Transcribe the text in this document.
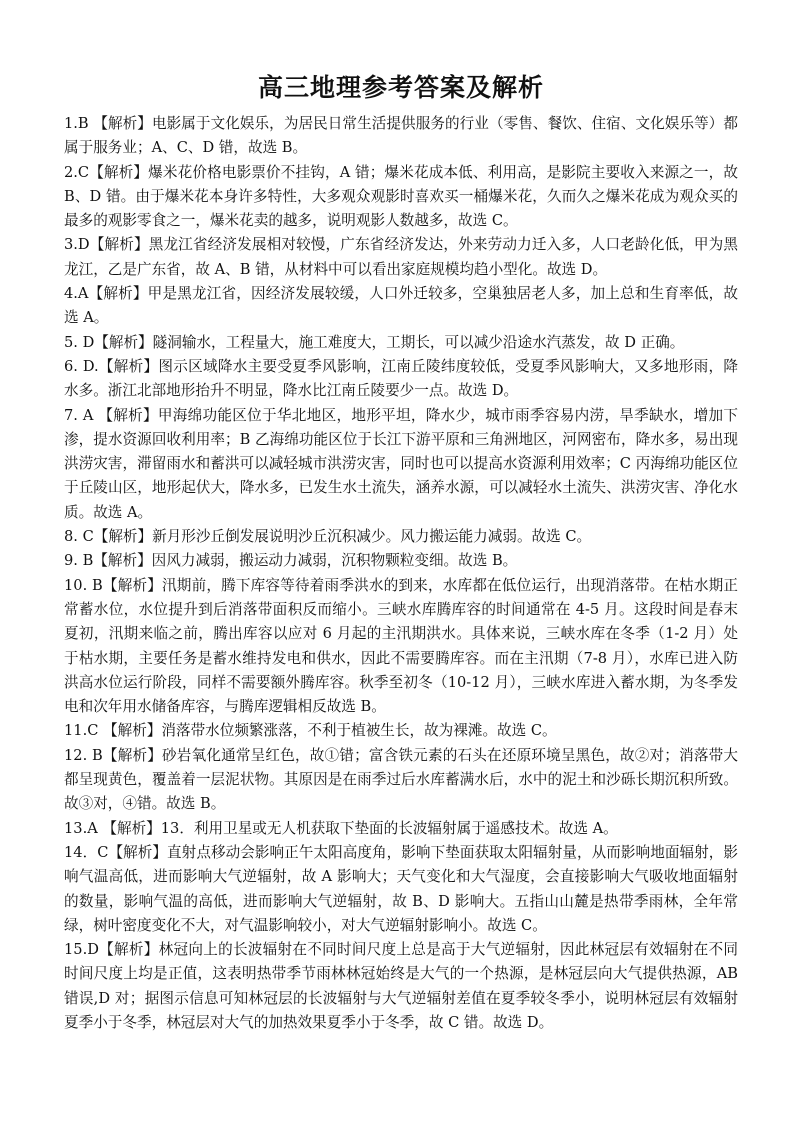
高三地理参考答案及解析

1.B 【解析】电影属于文化娱乐，为居民日常生活提供服务的行业（零售、餐饮、住宿、文化娱乐等）都属于服务业；A、C、D 错，故选 B。

2.C【解析】爆米花价格电影票价不挂钩，A 错；爆米花成本低、利用高，是影院主要收入来源之一，故 B、D 错。由于爆米花本身许多特性，大多观众观影时喜欢买一桶爆米花，久而久之爆米花成为观众买的最多的观影零食之一，爆米花卖的越多，说明观影人数越多，故选 C。

3.D【解析】黑龙江省经济发展相对较慢，广东省经济发达，外来劳动力迁入多，人口老龄化低，甲为黑龙江，乙是广东省，故 A、B 错，从材料中可以看出家庭规模均趋小型化。故选 D。

4.A【解析】甲是黑龙江省，因经济发展较缓，人口外迁较多，空巢独居老人多，加上总和生育率低，故选 A。

5. D【解析】隧洞输水，工程量大，施工难度大，工期长，可以减少沿途水汽蒸发，故 D 正确。

6. D.【解析】图示区域降水主要受夏季风影响，江南丘陵纬度较低，受夏季风影响大，又多地形雨，降水多。浙江北部地形抬升不明显，降水比江南丘陵要少一点。故选 D。

7. A 【解析】甲海绵功能区位于华北地区，地形平坦，降水少，城市雨季容易内涝，旱季缺水，增加下渗，提水资源回收利用率；B 乙海绵功能区位于长江下游平原和三角洲地区，河网密布，降水多，易出现洪涝灾害，滞留雨水和蓄洪可以减轻城市洪涝灾害，同时也可以提高水资源利用效率；C 丙海绵功能区位于丘陵山区，地形起伏大，降水多，已发生水土流失，涵养水源，可以减轻水土流失、洪涝灾害、净化水质。故选 A。

8. C【解析】新月形沙丘倒发展说明沙丘沉积减少。风力搬运能力减弱。故选 C。

9. B【解析】因风力减弱，搬运动力减弱，沉积物颗粒变细。故选 B。

10. B【解析】汛期前，腾下库容等待着雨季洪水的到来，水库都在低位运行，出现消落带。在枯水期正常蓄水位，水位提升到后消落带面积反而缩小。三峡水库腾库容的时间通常在 4-5 月。这段时间是春末夏初，汛期来临之前，腾出库容以应对 6 月起的主汛期洪水。具体来说，三峡水库在冬季（1-2 月）处于枯水期，主要任务是蓄水维持发电和供水，因此不需要腾库容。而在主汛期（7-8 月），水库已进入防洪高水位运行阶段，同样不需要额外腾库容。秋季至初冬（10-12 月），三峡水库进入蓄水期，为冬季发电和次年用水储备库容，与腾库逻辑相反故选 B。

11.C 【解析】消落带水位频繁涨落，不利于植被生长，故为裸滩。故选 C。

12. B【解析】砂岩氧化通常呈红色，故①错；富含铁元素的石头在还原环境呈黑色，故②对；消落带大都呈现黄色，覆盖着一层泥状物。其原因是在雨季过后水库蓄满水后，水中的泥土和沙砾长期沉积所致。故③对，④错。故选 B。

13.A 【解析】13．利用卫星或无人机获取下垫面的长波辐射属于遥感技术。故选 A。

14．C【解析】直射点移动会影响正午太阳高度角，影响下垫面获取太阳辐射量，从而影响地面辐射，影响气温高低，进而影响大气逆辐射，故 A 影响大；天气变化和大气湿度，会直接影响大气吸收地面辐射的数量，影响气温的高低，进而影响大气逆辐射，故 B、D 影响大。五指山山麓是热带季雨林，全年常绿，树叶密度变化不大，对气温影响较小，对大气逆辐射影响小。故选 C。

15.D【解析】林冠向上的长波辐射在不同时间尺度上总是高于大气逆辐射，因此林冠层有效辐射在不同时间尺度上均是正值，这表明热带季节雨林林冠始终是大气的一个热源，是林冠层向大气提供热源，AB 错误,D 对；据图示信息可知林冠层的长波辐射与大气逆辐射差值在夏季较冬季小，说明林冠层有效辐射夏季小于冬季，林冠层对大气的加热效果夏季小于冬季，故 C 错。故选 D。
